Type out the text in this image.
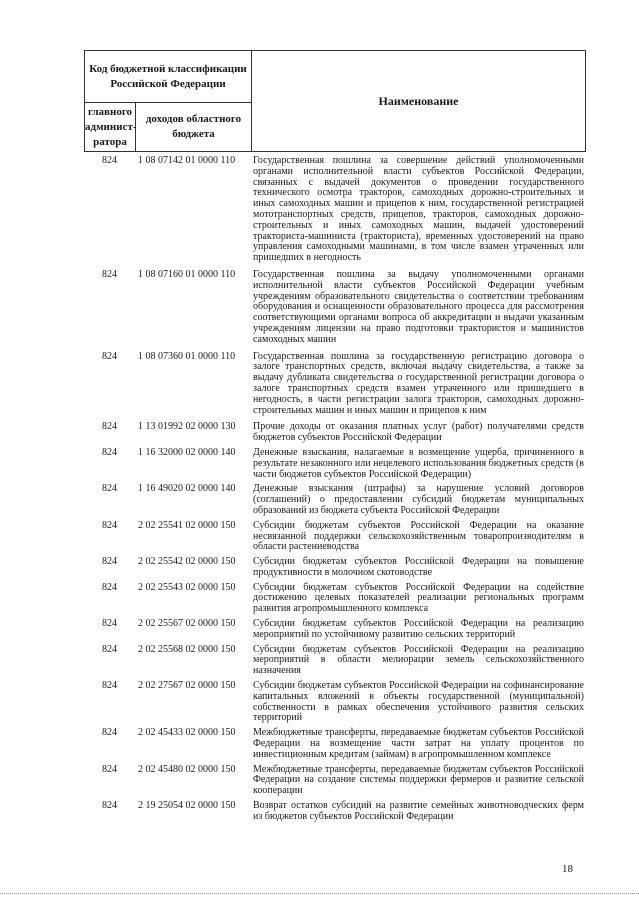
Код бюджетной классификации Российской Федерации		Наименование
главного админист-ратора	доходов областного бюджета	
824	1 08 07142 01 0000 110	Государственная пошлина за совершение действий уполномоченными органами исполнительной власти субъектов Российской Федерации, связанных с выдачей документов о проведении государственного технического осмотра тракторов, самоходных дорожно-строительных и иных самоходных машин и прицепов к ним, государственной регистрацией мототранспортных средств, прицепов, тракторов, самоходных дорожно-строительных и иных самоходных машин, выдачей удостоверений тракториста-машиниста (тракториста), временных удостоверений на право управления самоходными машинами, в том числе взамен утраченных или пришедших в негодность
824	1 08 07160 01 0000 110	Государственная пошлина за выдачу уполномоченными органами исполнительной власти субъектов Российской Федерации учебным учреждениям образовательного свидетельства о соответствии требованиям оборудования и оснащенности образовательного процесса для рассмотрения соответствующими органами вопроса об аккредитации и выдачи указанным учреждениям лицензии на право подготовки трактористов и машинистов самоходных машин
824	1 08 07360 01 0000 110	Государственная пошлина за государственную регистрацию договора о залоге транспортных средств, включая выдачу свидетельства, а также за выдачу дубликата свидетельства о государственной регистрации договора о залоге транспортных средств взамен утраченного или пришедшего в негодность, в части регистрации залога тракторов, самоходных дорожно-строительных машин и иных машин и прицепов к ним
824	1 13 01992 02 0000 130	Прочие доходы от оказания платных услуг (работ) получателями средств бюджетов субъектов Российской Федерации
824	1 16 32000 02 0000 140	Денежные взыскания, налагаемые в возмещение ущерба, причиненного в результате незаконного или нецелевого использования бюджетных средств (в части бюджетов субъектов Российской Федерации)
824	1 16 49020 02 0000 140	Денежные взыскания (штрафы) за нарушение условий договоров (соглашений) о предоставлении субсидий бюджетам муниципальных образований из бюджета субъекта Российской Федерации
824	2 02 25541 02 0000 150	Субсидии бюджетам субъектов Российской Федерации на оказание несвязанной поддержки сельскохозяйственным товаропроизводителям в области растениеводства
824	2 02 25542 02 0000 150	Субсидии бюджетам субъектов Российской Федерации на повышение продуктивности в молочном скотоводстве
824	2 02 25543 02 0000 150	Субсидии бюджетам субъектов Российской Федерации на содействие достижению целевых показателей реализации региональных программ развития агропромышленного комплекса
824	2 02 25567 02 0000 150	Субсидии бюджетам субъектов Российской Федерации на реализацию мероприятий по устойчивому развитию сельских территорий
824	2 02 25568 02 0000 150	Субсидии бюджетам субъектов Российской Федерации на реализацию мероприятий в области мелиорации земель сельскохозяйственного назначения
824	2 02 27567 02 0000 150	Субсидии бюджетам субъектов Российской Федерации на софинансирование капитальных вложений в объекты государственной (муниципальной) собственности в рамках обеспечения устойчивого развития сельских территорий
824	2 02 45433 02 0000 150	Межбюджетные трансферты, передаваемые бюджетам субъектов Российской Федерации на возмещение части затрат на уплату процентов по инвестиционным кредитам (займам) в агропромышленном комплексе
824	2 02 45480 02 0000 150	Межбюджетные трансферты, передаваемые бюджетам субъектов Российской Федерации на создание системы поддержки фермеров и развитие сельской кооперации
824	2 19 25054 02 0000 150	Возврат остатков субсидий на развитие семейных животноводческих ферм из бюджетов субъектов Российской Федерации
18
